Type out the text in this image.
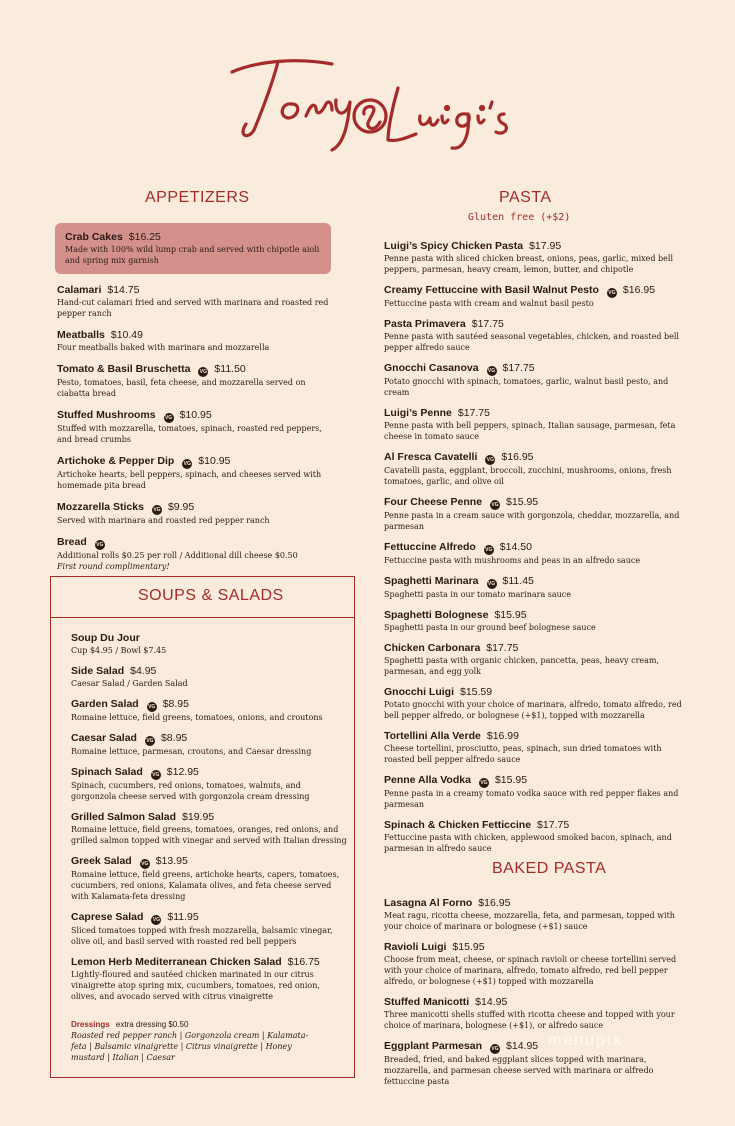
APPETIZERS
Crab Cakes $16.25
Made with 100% wild lump crab and served with chipotle aioli and spring mix garnish
Calamari $14.75
Hand-cut calamari fried and served with marinara and roasted red pepper ranch
Meatballs $10.49
Four meatballs baked with marinara and mozzarella
Tomato & Basil Bruschetta VG $11.50
Pesto, tomatoes, basil, feta cheese, and mozzarella served on ciabatta bread
Stuffed Mushrooms VG $10.95
Stuffed with mozzarella, tomatoes, spinach, roasted red peppers, and bread crumbs
Artichoke & Pepper Dip VG $10.95
Artichoke hearts, bell peppers, spinach, and cheeses served with homemade pita bread
Mozzarella Sticks VG $9.95
Served with marinara and roasted red pepper ranch
Bread VG
Additional rolls $0.25 per roll / Additional dill cheese $0.50
First round complimentary!
SOUPS & SALADS
Soup Du Jour
Cup $4.95 / Bowl $7.45
Side Salad $4.95
Caesar Salad / Garden Salad
Garden Salad VG $8.95
Romaine lettuce, field greens, tomatoes, onions, and croutons
Caesar Salad VG $8.95
Romaine lettuce, parmesan, croutons, and Caesar dressing
Spinach Salad VG $12.95
Spinach, cucumbers, red onions, tomatoes, walnuts, and gorgonzola cheese served with gorgonzola cream dressing
Grilled Salmon Salad $19.95
Romaine lettuce, field greens, tomatoes, oranges, red onions, and grilled salmon topped with vinegar and served with Italian dressing
Greek Salad VG $13.95
Romaine lettuce, field greens, artichoke hearts, capers, tomatoes, cucumbers, red onions, Kalamata olives, and feta cheese served with Kalamata-feta dressing
Caprese Salad VG $11.95
Sliced tomatoes topped with fresh mozzarella, balsamic vinegar, olive oil, and basil served with roasted red bell peppers
Lemon Herb Mediterranean Chicken Salad $16.75
Lightly-floured and sautéed chicken marinated in our citrus vinaigrette atop spring mix, cucumbers, tomatoes, red onion, olives, and avocado served with citrus vinaigrette
Dressings extra dressing $0.50
Roasted red pepper ranch | Gorgonzola cream | Kalamata-feta | Balsamic vinaigrette | Citrus vinaigrette | Honey mustard | Italian | Caesar
PASTA
Gluten free (+$2)
Luigi’s Spicy Chicken Pasta $17.95
Penne pasta with sliced chicken breast, onions, peas, garlic, mixed bell peppers, parmesan, heavy cream, lemon, butter, and chipotle
Creamy Fettuccine with Basil Walnut Pesto VG $16.95
Fettuccine pasta with cream and walnut basil pesto
Pasta Primavera $17.75
Penne pasta with sautéed seasonal vegetables, chicken, and roasted bell pepper alfredo sauce
Gnocchi Casanova VG $17.75
Potato gnocchi with spinach, tomatoes, garlic, walnut basil pesto, and cream
Luigi’s Penne $17.75
Penne pasta with bell peppers, spinach, Italian sausage, parmesan, feta cheese in tomato sauce
Al Fresca Cavatelli VG $16.95
Cavatelli pasta, eggplant, broccoli, zucchini, mushrooms, onions, fresh tomatoes, garlic, and olive oil
Four Cheese Penne VG $15.95
Penne pasta in a cream sauce with gorgonzola, cheddar, mozzarella, and parmesan
Fettuccine Alfredo VG $14.50
Fettuccine pasta with mushrooms and peas in an alfredo sauce
Spaghetti Marinara VG $11.45
Spaghetti pasta in our tomato marinara sauce
Spaghetti Bolognese $15.95
Spaghetti pasta in our ground beef bolognese sauce
Chicken Carbonara $17.75
Spaghetti pasta with organic chicken, pancetta, peas, heavy cream, parmesan, and egg yolk
Gnocchi Luigi $15.59
Potato gnocchi with your choice of marinara, alfredo, tomato alfredo, red bell pepper alfredo, or bolognese (+$1), topped with mozzarella
Tortellini Alla Verde $16.99
Cheese tortellini, prosciutto, peas, spinach, sun dried tomatoes with roasted bell pepper alfredo sauce
Penne Alla Vodka VG $15.95
Penne pasta in a creamy tomato vodka sauce with red pepper flakes and parmesan
Spinach & Chicken Fetticcine $17.75
Fettuccine pasta with chicken, applewood smoked bacon, spinach, and parmesan in alfredo sauce
BAKED PASTA
Lasagna Al Forno $16.95
Meat ragu, ricotta cheese, mozzarella, feta, and parmesan, topped with your choice of marinara or bolognese (+$1) sauce
Ravioli Luigi $15.95
Choose from meat, cheese, or spinach ravioli or cheese tortellini served with your choice of marinara, alfredo, tomato alfredo, red bell pepper alfredo, or bolognese (+$1) topped with mozzarella
Stuffed Manicotti $14.95
Three manicotti shells stuffed with ricotta cheese and topped with your choice of marinara, bolognese (+$1), or alfredo sauce
Eggplant Parmesan VG $14.95
Breaded, fried, and baked eggplant slices topped with marinara, mozzarella, and parmesan cheese served with marinara or alfredo fettuccine pasta
menupix
